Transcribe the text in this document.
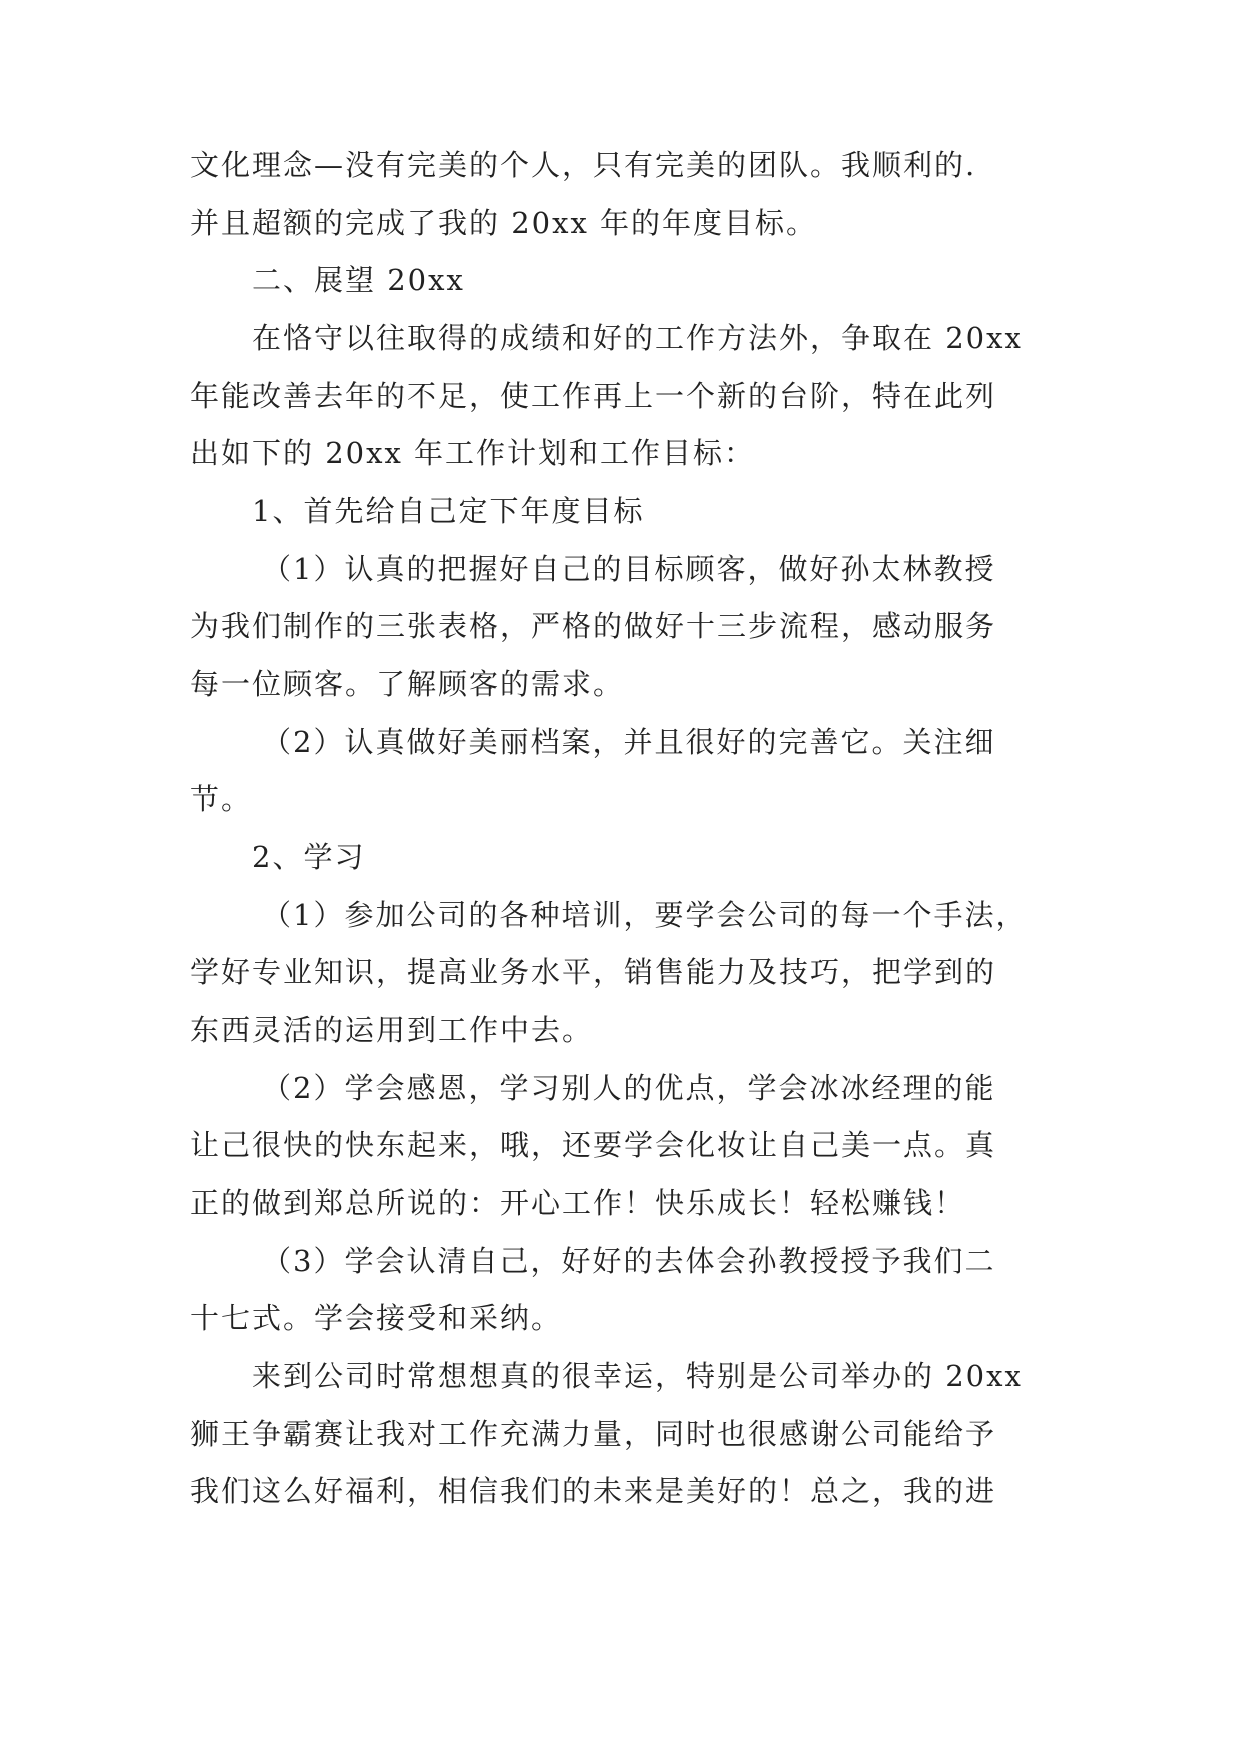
文化理念—没有完美的个人，只有完美的团队。我顺利的.
并且超额的完成了我的 20xx 年的年度目标。
二、展望 20xx
在恪守以往取得的成绩和好的工作方法外，争取在 20xx
年能改善去年的不足，使工作再上一个新的台阶，特在此列
出如下的 20xx 年工作计划和工作目标：
1、首先给自己定下年度目标
（1）认真的把握好自己的目标顾客，做好孙太林教授
为我们制作的三张表格，严格的做好十三步流程，感动服务
每一位顾客。了解顾客的需求。
（2）认真做好美丽档案，并且很好的完善它。关注细
节。
2、学习
（1）参加公司的各种培训，要学会公司的每一个手法，
学好专业知识，提高业务水平，销售能力及技巧，把学到的
东西灵活的运用到工作中去。
（2）学会感恩，学习别人的优点，学会冰冰经理的能
让己很快的快东起来，哦，还要学会化妆让自己美一点。真
正的做到郑总所说的：开心工作！快乐成长！轻松赚钱！
（3）学会认清自己，好好的去体会孙教授授予我们二
十七式。学会接受和采纳。
来到公司时常想想真的很幸运，特别是公司举办的 20xx
狮王争霸赛让我对工作充满力量，同时也很感谢公司能给予
我们这么好福利，相信我们的未来是美好的！总之，我的进
